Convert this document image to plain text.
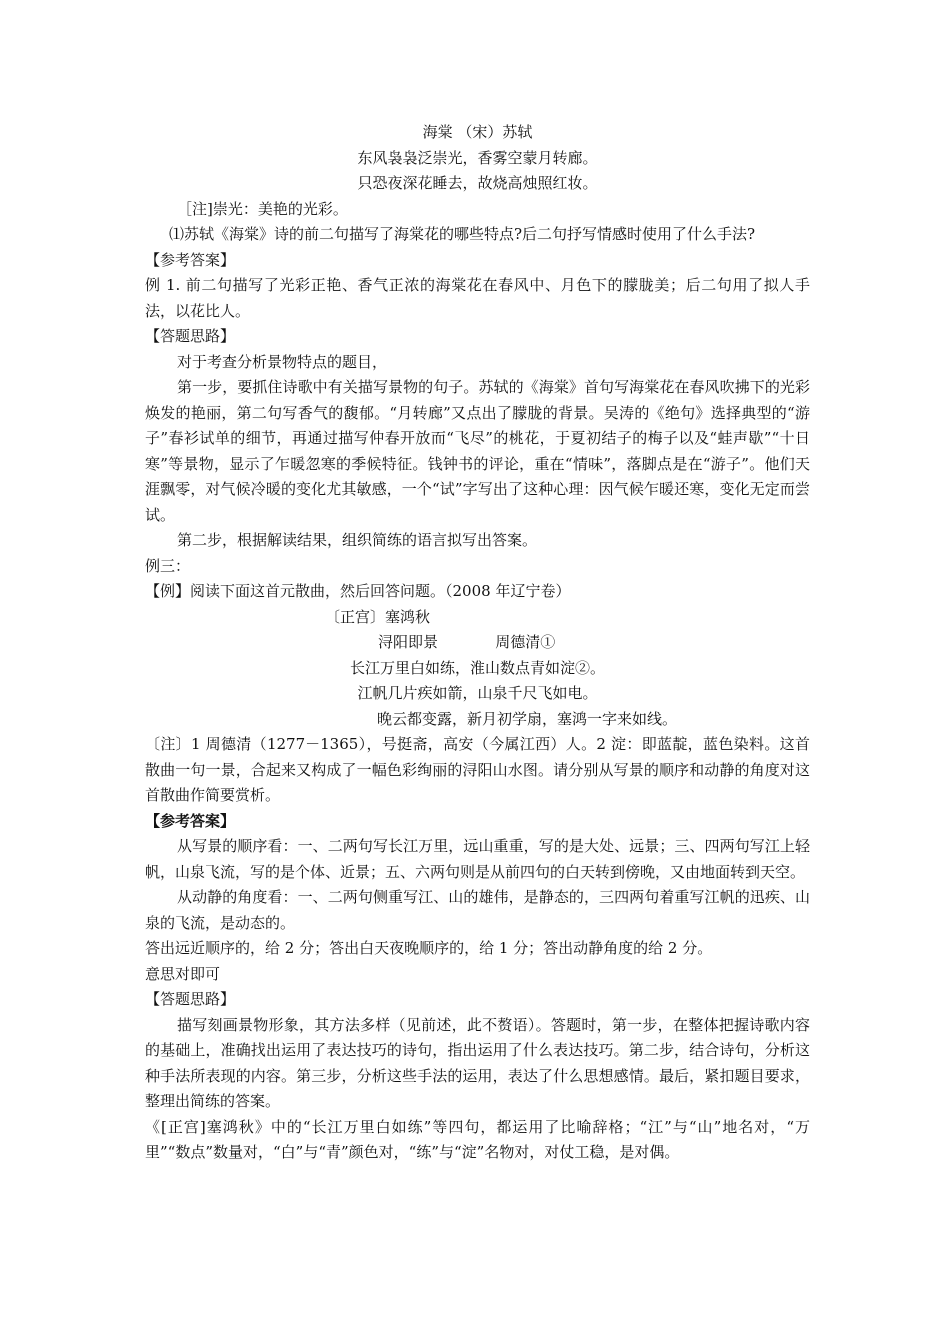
海棠 （宋）苏轼
东风袅袅泛崇光，香雾空蒙月转廊。
只恐夜深花睡去，故烧高烛照红妆。
［注]崇光：美艳的光彩。
⑴苏轼《海棠》诗的前二句描写了海棠花的哪些特点?后二句抒写情感时使用了什么手法?
【参考答案】
例 1. 前二句描写了光彩正艳、香气正浓的海棠花在春风中、月色下的朦胧美；后二句用了拟人手法，以花比人。
【答题思路】
对于考查分析景物特点的题目，
第一步，要抓住诗歌中有关描写景物的句子。苏轼的《海棠》首句写海棠花在春风吹拂下的光彩焕发的艳丽，第二句写香气的馥郁。“月转廊”又点出了朦胧的背景。吴涛的《绝句》选择典型的“游子”春衫试单的细节，再通过描写仲春开放而“飞尽”的桃花，于夏初结子的梅子以及“蛙声歇”“十日寒”等景物，显示了乍暖忽寒的季候特征。钱钟书的评论，重在“情味”，落脚点是在“游子”。他们天涯飘零，对气候冷暖的变化尤其敏感，一个“试”字写出了这种心理：因气候乍暖还寒，变化无定而尝试。
第二步，根据解读结果，组织简练的语言拟写出答案。
例三：
【例】阅读下面这首元散曲，然后回答问题。（2008 年辽宁卷）
〔正宫〕塞鸿秋
浔阳即景            周德清①
长江万里白如练，淮山数点青如淀②。
江帆几片疾如箭，山泉千尺飞如电。
晚云都变露，新月初学扇，塞鸿一字来如线。
〔注〕1 周德清（1277－1365），号挺斋，高安（今属江西）人。2 淀：即蓝靛，蓝色染料。这首散曲一句一景，合起来又构成了一幅色彩绚丽的浔阳山水图。请分别从写景的顺序和动静的角度对这首散曲作简要赏析。
【参考答案】
从写景的顺序看：一、二两句写长江万里，远山重重，写的是大处、远景；三、四两句写江上轻帆，山泉飞流，写的是个体、近景；五、六两句则是从前四句的白天转到傍晚，又由地面转到天空。
从动静的角度看：一、二两句侧重写江、山的雄伟，是静态的，三四两句着重写江帆的迅疾、山泉的飞流，是动态的。
答出远近顺序的，给 2 分；答出白天夜晚顺序的，给 1 分；答出动静角度的给 2 分。
意思对即可
【答题思路】
描写刻画景物形象，其方法多样（见前述，此不赘语）。答题时，第一步，在整体把握诗歌内容的基础上，准确找出运用了表达技巧的诗句，指出运用了什么表达技巧。第二步，结合诗句，分析这种手法所表现的内容。第三步，分析这些手法的运用，表达了什么思想感情。最后，紧扣题目要求，整理出简练的答案。
《[正宫]塞鸿秋》中的“长江万里白如练”等四句，都运用了比喻辞格；“江”与“山”地名对，“万里”“数点”数量对，“白”与“青”颜色对，“练”与“淀”名物对，对仗工稳，是对偶。
